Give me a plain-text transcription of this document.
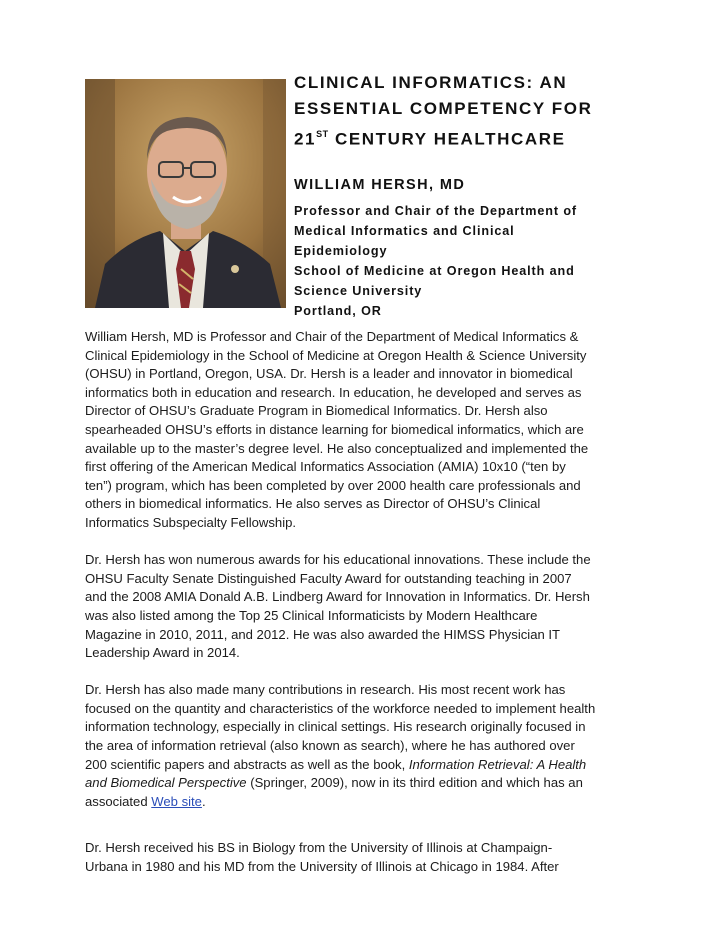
CLINICAL INFORMATICS: AN
ESSENTIAL COMPETENCY FOR
21ST CENTURY HEALTHCARE
WILLIAM HERSH, MD
Professor and Chair of the Department of
Medical Informatics and Clinical
Epidemiology
School of Medicine at Oregon Health and
Science University
Portland, OR

William Hersh, MD is Professor and Chair of the Department of Medical Informatics &
Clinical Epidemiology in the School of Medicine at Oregon Health & Science University
(OHSU) in Portland, Oregon, USA. Dr. Hersh is a leader and innovator in biomedical
informatics both in education and research. In education, he developed and serves as
Director of OHSU’s Graduate Program in Biomedical Informatics. Dr. Hersh also
spearheaded OHSU’s efforts in distance learning for biomedical informatics, which are
available up to the master’s degree level. He also conceptualized and implemented the
first offering of the American Medical Informatics Association (AMIA) 10x10 (“ten by
ten”) program, which has been completed by over 2000 health care professionals and
others in biomedical informatics. He also serves as Director of OHSU’s Clinical
Informatics Subspecialty Fellowship.

Dr. Hersh has won numerous awards for his educational innovations. These include the
OHSU Faculty Senate Distinguished Faculty Award for outstanding teaching in 2007
and the 2008 AMIA Donald A.B. Lindberg Award for Innovation in Informatics. Dr. Hersh
was also listed among the Top 25 Clinical Informaticists by Modern Healthcare
Magazine in 2010, 2011, and 2012. He was also awarded the HIMSS Physician IT
Leadership Award in 2014.

Dr. Hersh has also made many contributions in research. His most recent work has
focused on the quantity and characteristics of the workforce needed to implement health
information technology, especially in clinical settings. His research originally focused in
the area of information retrieval (also known as search), where he has authored over
200 scientific papers and abstracts as well as the book, Information Retrieval: A Health
and Biomedical Perspective (Springer, 2009), now in its third edition and which has an
associated Web site.

Dr. Hersh received his BS in Biology from the University of Illinois at Champaign-
Urbana in 1980 and his MD from the University of Illinois at Chicago in 1984. After
